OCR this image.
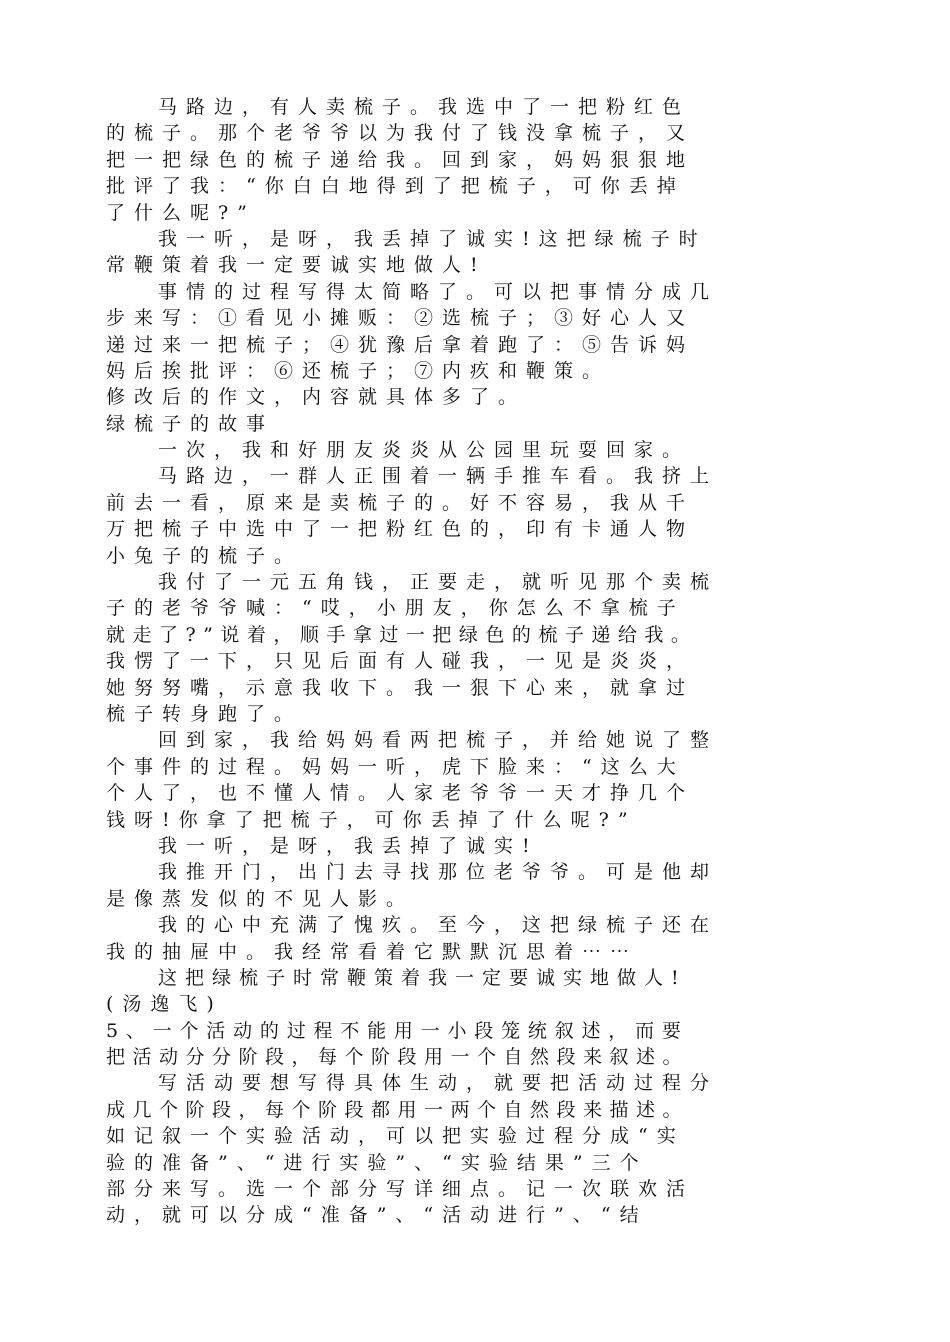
马路边，有人卖梳子。我选中了一把粉红色
的梳子。那个老爷爷以为我付了钱没拿梳子，又
把一把绿色的梳子递给我。回到家，妈妈狠狠地
批评了我：“你白白地得到了把梳子，可你丢掉
了什么呢?”
我一听，是呀，我丢掉了诚实!这把绿梳子时
常鞭策着我一定要诚实地做人!
事情的过程写得太简略了。可以把事情分成几
步来写：①看见小摊贩：②选梳子；③好心人又
递过来一把梳子；④犹豫后拿着跑了：⑤告诉妈
妈后挨批评：⑥还梳子；⑦内疚和鞭策。
修改后的作文，内容就具体多了。
绿梳子的故事
一次，我和好朋友炎炎从公园里玩耍回家。
马路边，一群人正围着一辆手推车看。我挤上
前去一看，原来是卖梳子的。好不容易，我从千
万把梳子中选中了一把粉红色的，印有卡通人物
小兔子的梳子。
我付了一元五角钱，正要走，就听见那个卖梳
子的老爷爷喊：“哎，小朋友，你怎么不拿梳子
就走了?”说着，顺手拿过一把绿色的梳子递给我。
我愣了一下，只见后面有人碰我，一见是炎炎，
她努努嘴，示意我收下。我一狠下心来，就拿过
梳子转身跑了。
回到家，我给妈妈看两把梳子，并给她说了整
个事件的过程。妈妈一听，虎下脸来：“这么大
个人了，也不懂人情。人家老爷爷一天才挣几个
钱呀!你拿了把梳子，可你丢掉了什么呢?”
我一听，是呀，我丢掉了诚实!
我推开门，出门去寻找那位老爷爷。可是他却
是像蒸发似的不见人影。
我的心中充满了愧疚。至今，这把绿梳子还在
我的抽屉中。我经常看着它默默沉思着⋯⋯
这把绿梳子时常鞭策着我一定要诚实地做人!
(汤逸飞)
5、一个活动的过程不能用一小段笼统叙述，而要
把活动分分阶段，每个阶段用一个自然段来叙述。
写活动要想写得具体生动，就要把活动过程分
成几个阶段，每个阶段都用一两个自然段来描述。
如记叙一个实验活动，可以把实验过程分成“实
验的准备”、“进行实验”、“实验结果”三个
部分来写。选一个部分写详细点。记一次联欢活
动，就可以分成“准备”、“活动进行”、“结
